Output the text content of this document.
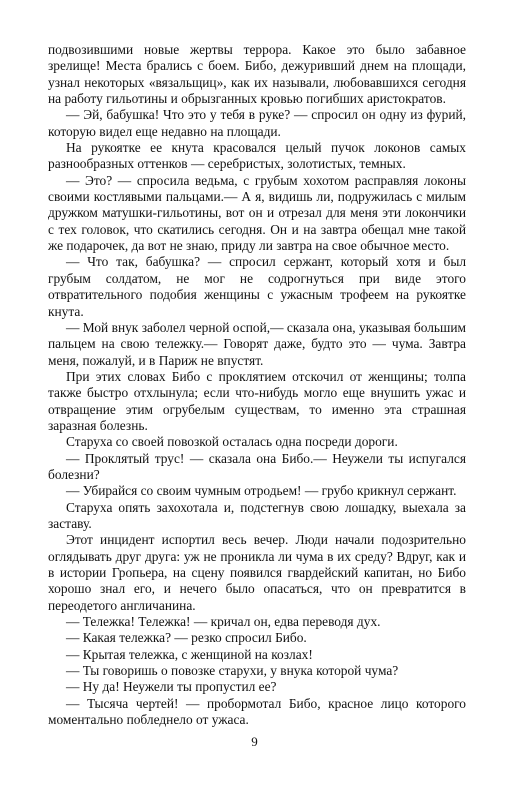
подвозившими новые жертвы террора. Какое это было забавное зрелище! Места брались с боем. Бибо, дежуривший днем на площади, узнал некоторых «вязальщиц», как их называли, любовавшихся сегодня на работу гильотины и обрызганных кровью погибших аристократов.

— Эй, бабушка! Что это у тебя в руке? — спросил он одну из фурий, которую видел еще недавно на площади.

На рукоятке ее кнута красовался целый пучок локонов самых разнообразных оттенков — серебристых, золотистых, темных.

— Это? — спросила ведьма, с грубым хохотом расправляя локоны своими костлявыми пальцами.— А я, видишь ли, подружилась с милым дружком матушки-гильотины, вот он и отрезал для меня эти локончики с тех головок, что скатились сегодня. Он и на завтра обещал мне такой же подарочек, да вот не знаю, приду ли завтра на свое обычное место.

— Что так, бабушка? — спросил сержант, который хотя и был грубым солдатом, не мог не содрогнуться при виде этого отвратительного подобия женщины с ужасным трофеем на рукоятке кнута.

— Мой внук заболел черной оспой,— сказала она, указывая большим пальцем на свою тележку.— Говорят даже, будто это — чума. Завтра меня, пожалуй, и в Париж не впустят.

При этих словах Бибо с проклятием отскочил от женщины; толпа также быстро отхлынула; если что-нибудь могло еще внушить ужас и отвращение этим огрубелым существам, то именно эта страшная заразная болезнь.

Старуха со своей повозкой осталась одна посреди дороги.

— Проклятый трус! — сказала она Бибо.— Неужели ты испугался болезни?

— Убирайся со своим чумным отродьем! — грубо крикнул сержант.

Старуха опять захохотала и, подстегнув свою лошадку, выехала за заставу.

Этот инцидент испортил весь вечер. Люди начали подозрительно оглядывать друг друга: уж не проникла ли чума в их среду? Вдруг, как и в истории Гропьера, на сцену появился гвардейский капитан, но Бибо хорошо знал его, и нечего было опасаться, что он превратится в переодетого англичанина.

— Тележка! Тележка! — кричал он, едва переводя дух.

— Какая тележка? — резко спросил Бибо.

— Крытая тележка, с женщиной на козлах!

— Ты говоришь о повозке старухи, у внука которой чума?

— Ну да! Неужели ты пропустил ее?

— Тысяча чертей! — пробормотал Бибо, красное лицо которого моментально побледнело от ужаса.

9
